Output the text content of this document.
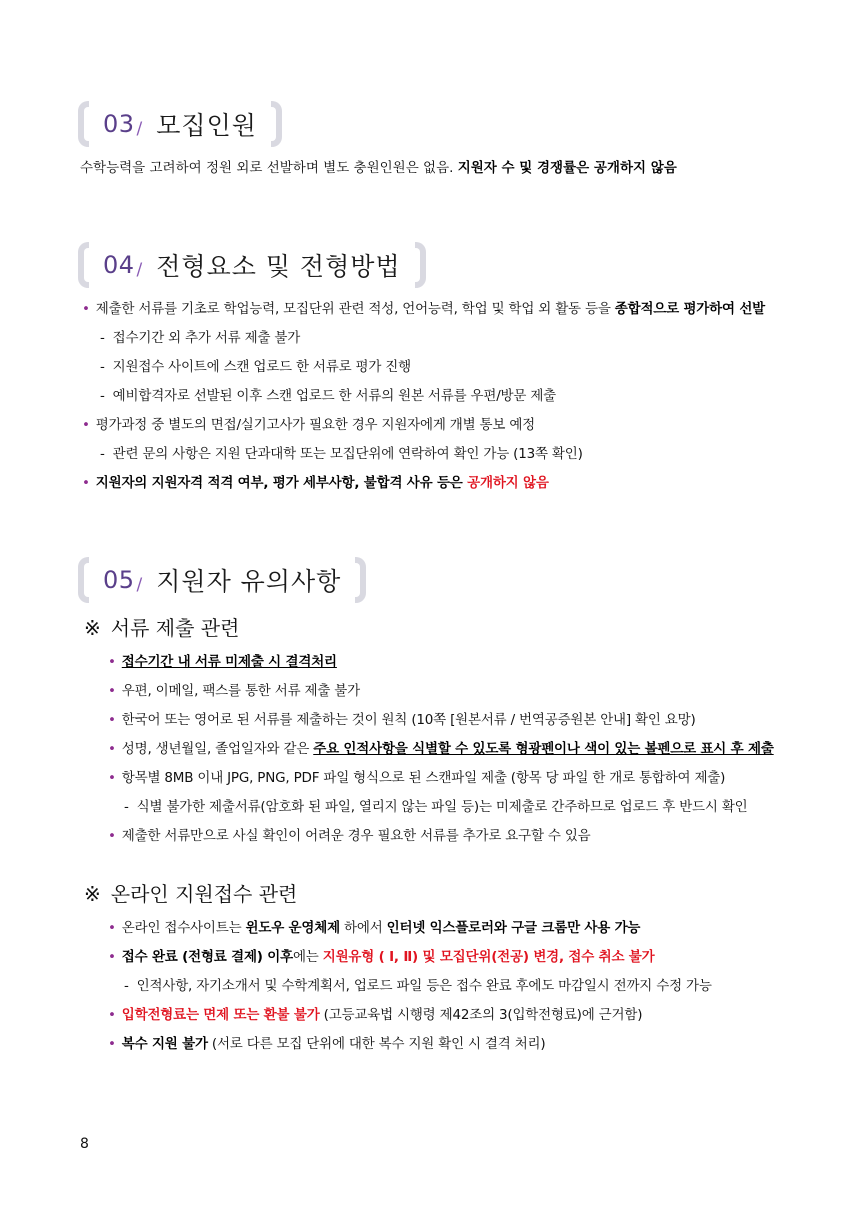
03 / 모집인원
수학능력을 고려하여 정원 외로 선발하며 별도 충원인원은 없음. 지원자 수 및 경쟁률은 공개하지 않음
04 / 전형요소 및 전형방법
• 제출한 서류를 기초로 학업능력, 모집단위 관련 적성, 언어능력, 학업 및 학업 외 활동 등을 종합적으로 평가하여 선발
- 접수기간 외 추가 서류 제출 불가
- 지원접수 사이트에 스캔 업로드 한 서류로 평가 진행
- 예비합격자로 선발된 이후 스캔 업로드 한 서류의 원본 서류를 우편/방문 제출
• 평가과정 중 별도의 면접/실기고사가 필요한 경우 지원자에게 개별 통보 예정
- 관련 문의 사항은 지원 단과대학 또는 모집단위에 연락하여 확인 가능 (13쪽 확인)
• 지원자의 지원자격 적격 여부, 평가 세부사항, 불합격 사유 등은 공개하지 않음
05 / 지원자 유의사항
※ 서류 제출 관련
• 접수기간 내 서류 미제출 시 결격처리
• 우편, 이메일, 팩스를 통한 서류 제출 불가
• 한국어 또는 영어로 된 서류를 제출하는 것이 원칙 (10쪽 [원본서류 / 번역공증원본 안내] 확인 요망)
• 성명, 생년월일, 졸업일자와 같은 주요 인적사항을 식별할 수 있도록 형광펜이나 색이 있는 볼펜으로 표시 후 제출
• 항목별 8MB 이내 JPG, PNG, PDF 파일 형식으로 된 스캔파일 제출 (항목 당 파일 한 개로 통합하여 제출)
- 식별 불가한 제출서류(암호화 된 파일, 열리지 않는 파일 등)는 미제출로 간주하므로 업로드 후 반드시 확인
• 제출한 서류만으로 사실 확인이 어려운 경우 필요한 서류를 추가로 요구할 수 있음
※ 온라인 지원접수 관련
• 온라인 접수사이트는 윈도우 운영체제 하에서 인터넷 익스플로러와 구글 크롬만 사용 가능
• 접수 완료 (전형료 결제) 이후에는 지원유형 ( Ⅰ, Ⅱ) 및 모집단위(전공) 변경, 접수 취소 불가
- 인적사항, 자기소개서 및 수학계획서, 업로드 파일 등은 접수 완료 후에도 마감일시 전까지 수정 가능
• 입학전형료는 면제 또는 환불 불가 (고등교육법 시행령 제42조의 3(입학전형료)에 근거함)
• 복수 지원 불가 (서로 다른 모집 단위에 대한 복수 지원 확인 시 결격 처리)
8
